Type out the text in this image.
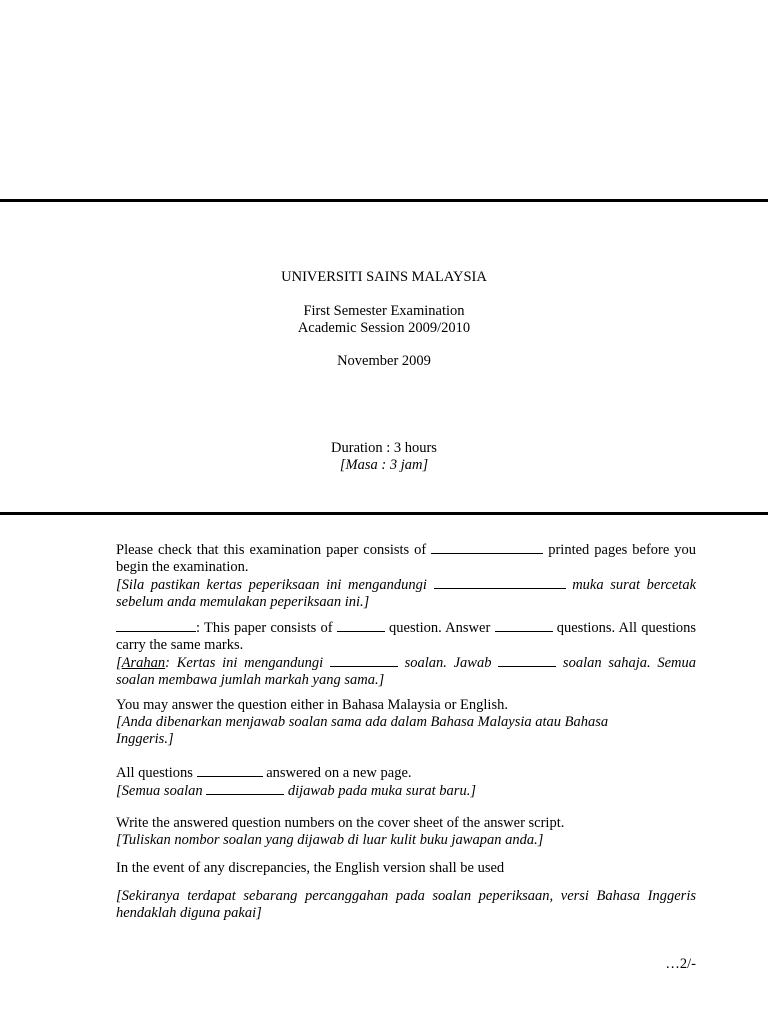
UNIVERSITI SAINS MALAYSIA
First Semester Examination
Academic Session 2009/2010
November 2009
Duration : 3 hours
[Masa : 3 jam]
Please check that this examination paper consists of	printed pages before you begin the examination.
[Sila pastikan kertas peperiksaan ini mengandungi	muka surat bercetak sebelum anda memulakan peperiksaan ini.]
: This paper consists of	question. Answer	questions. All questions carry the same marks.
[Arahan: Kertas ini mengandungi	soalan. Jawab	soalan sahaja. Semua soalan membawa jumlah markah yang sama.]
You may answer the question either in Bahasa Malaysia or English.
[Anda dibenarkan menjawab soalan sama ada dalam Bahasa Malaysia atau Bahasa Inggeris.]
All questions	answered on a new page.
[Semua soalan	dijawab pada muka surat baru.]
Write the answered question numbers on the cover sheet of the answer script.
[Tuliskan nombor soalan yang dijawab di luar kulit buku jawapan anda.]
In the event of any discrepancies, the English version shall be used
[Sekiranya terdapat sebarang percanggahan pada soalan peperiksaan, versi Bahasa Inggeris hendaklah diguna pakai]
…2/-
